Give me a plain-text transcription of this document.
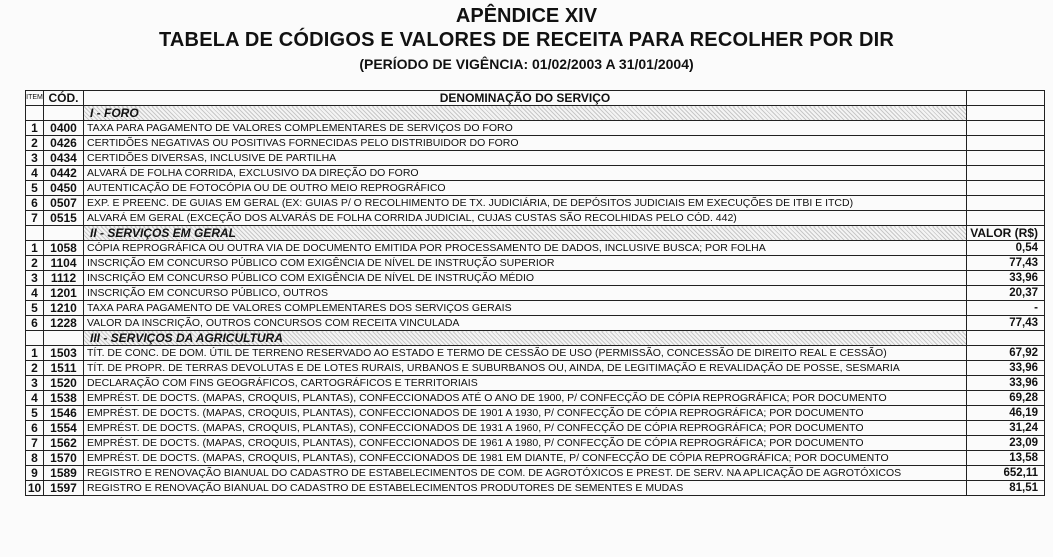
APÊNDICE XIV
TABELA DE CÓDIGOS E VALORES DE RECEITA PARA RECOLHER POR DIR
(PERÍODO DE VIGÊNCIA: 01/02/2003 A 31/01/2004)
ITEM	CÓD.	DENOMINAÇÃO DO SERVIÇO	
		I - FORO	
1	0400	TAXA PARA PAGAMENTO DE VALORES COMPLEMENTARES DE SERVIÇOS DO FORO	
2	0426	CERTIDÕES NEGATIVAS OU POSITIVAS FORNECIDAS PELO DISTRIBUIDOR DO FORO	
3	0434	CERTIDÕES DIVERSAS, INCLUSIVE DE PARTILHA	
4	0442	ALVARÁ DE FOLHA CORRIDA, EXCLUSIVO DA DIREÇÃO DO FORO	
5	0450	AUTENTICAÇÃO DE FOTOCÓPIA OU DE OUTRO MEIO REPROGRÁFICO	
6	0507	EXP. E PREENC. DE GUIAS EM GERAL (EX: GUIAS P/ O RECOLHIMENTO DE TX. JUDICIÁRIA, DE DEPÓSITOS JUDICIAIS EM EXECUÇÕES DE ITBI E ITCD)	
7	0515	ALVARÁ EM GERAL (EXCEÇÃO DOS ALVARÁS DE FOLHA CORRIDA JUDICIAL, CUJAS CUSTAS SÃO RECOLHIDAS PELO CÓD. 442)	
		II - SERVIÇOS EM GERAL	VALOR (R$)
1	1058	CÓPIA REPROGRÁFICA OU OUTRA VIA DE DOCUMENTO EMITIDA POR PROCESSAMENTO DE DADOS, INCLUSIVE BUSCA; POR FOLHA	0,54
2	1104	INSCRIÇÃO EM CONCURSO PÚBLICO COM EXIGÊNCIA DE NÍVEL DE INSTRUÇÃO SUPERIOR	77,43
3	1112	INSCRIÇÃO EM CONCURSO PÚBLICO COM EXIGÊNCIA DE NÍVEL DE INSTRUÇÃO MÉDIO	33,96
4	1201	INSCRIÇÃO EM CONCURSO PÚBLICO, OUTROS	20,37
5	1210	TAXA PARA PAGAMENTO DE VALORES COMPLEMENTARES DOS SERVIÇOS GERAIS	-
6	1228	VALOR DA INSCRIÇÃO, OUTROS CONCURSOS COM RECEITA VINCULADA	77,43
		III - SERVIÇOS DA AGRICULTURA	
1	1503	TÍT. DE CONC. DE DOM. ÚTIL DE TERRENO RESERVADO AO ESTADO E TERMO DE CESSÃO DE USO (PERMISSÃO, CONCESSÃO DE DIREITO REAL E CESSÃO)	67,92
2	1511	TÍT. DE PROPR. DE TERRAS DEVOLUTAS E DE LOTES RURAIS, URBANOS E SUBURBANOS OU, AINDA, DE LEGITIMAÇÃO E REVALIDAÇÃO DE POSSE, SESMARIA	33,96
3	1520	DECLARAÇÃO COM FINS GEOGRÁFICOS, CARTOGRÁFICOS E TERRITORIAIS	33,96
4	1538	EMPRÉST. DE DOCTS. (MAPAS, CROQUIS, PLANTAS), CONFECCIONADOS ATÉ O ANO DE 1900, P/ CONFECÇÃO DE CÓPIA REPROGRÁFICA; POR DOCUMENTO	69,28
5	1546	EMPRÉST. DE DOCTS. (MAPAS, CROQUIS, PLANTAS), CONFECCIONADOS DE 1901 A 1930, P/ CONFECÇÃO DE CÓPIA REPROGRÁFICA; POR DOCUMENTO	46,19
6	1554	EMPRÉST. DE DOCTS. (MAPAS, CROQUIS, PLANTAS), CONFECCIONADOS DE 1931 A 1960, P/ CONFECÇÃO DE CÓPIA REPROGRÁFICA; POR DOCUMENTO	31,24
7	1562	EMPRÉST. DE DOCTS. (MAPAS, CROQUIS, PLANTAS), CONFECCIONADOS DE 1961 A 1980, P/ CONFECÇÃO DE CÓPIA REPROGRÁFICA; POR DOCUMENTO	23,09
8	1570	EMPRÉST. DE DOCTS. (MAPAS, CROQUIS, PLANTAS), CONFECCIONADOS DE 1981 EM DIANTE, P/ CONFECÇÃO DE CÓPIA REPROGRÁFICA; POR DOCUMENTO	13,58
9	1589	REGISTRO E RENOVAÇÃO BIANUAL DO CADASTRO DE ESTABELECIMENTOS DE COM. DE AGROTÓXICOS E PREST. DE SERV. NA APLICAÇÃO DE AGROTÓXICOS	652,11
10	1597	REGISTRO E RENOVAÇÃO BIANUAL DO CADASTRO DE ESTABELECIMENTOS PRODUTORES DE SEMENTES E MUDAS	81,51
